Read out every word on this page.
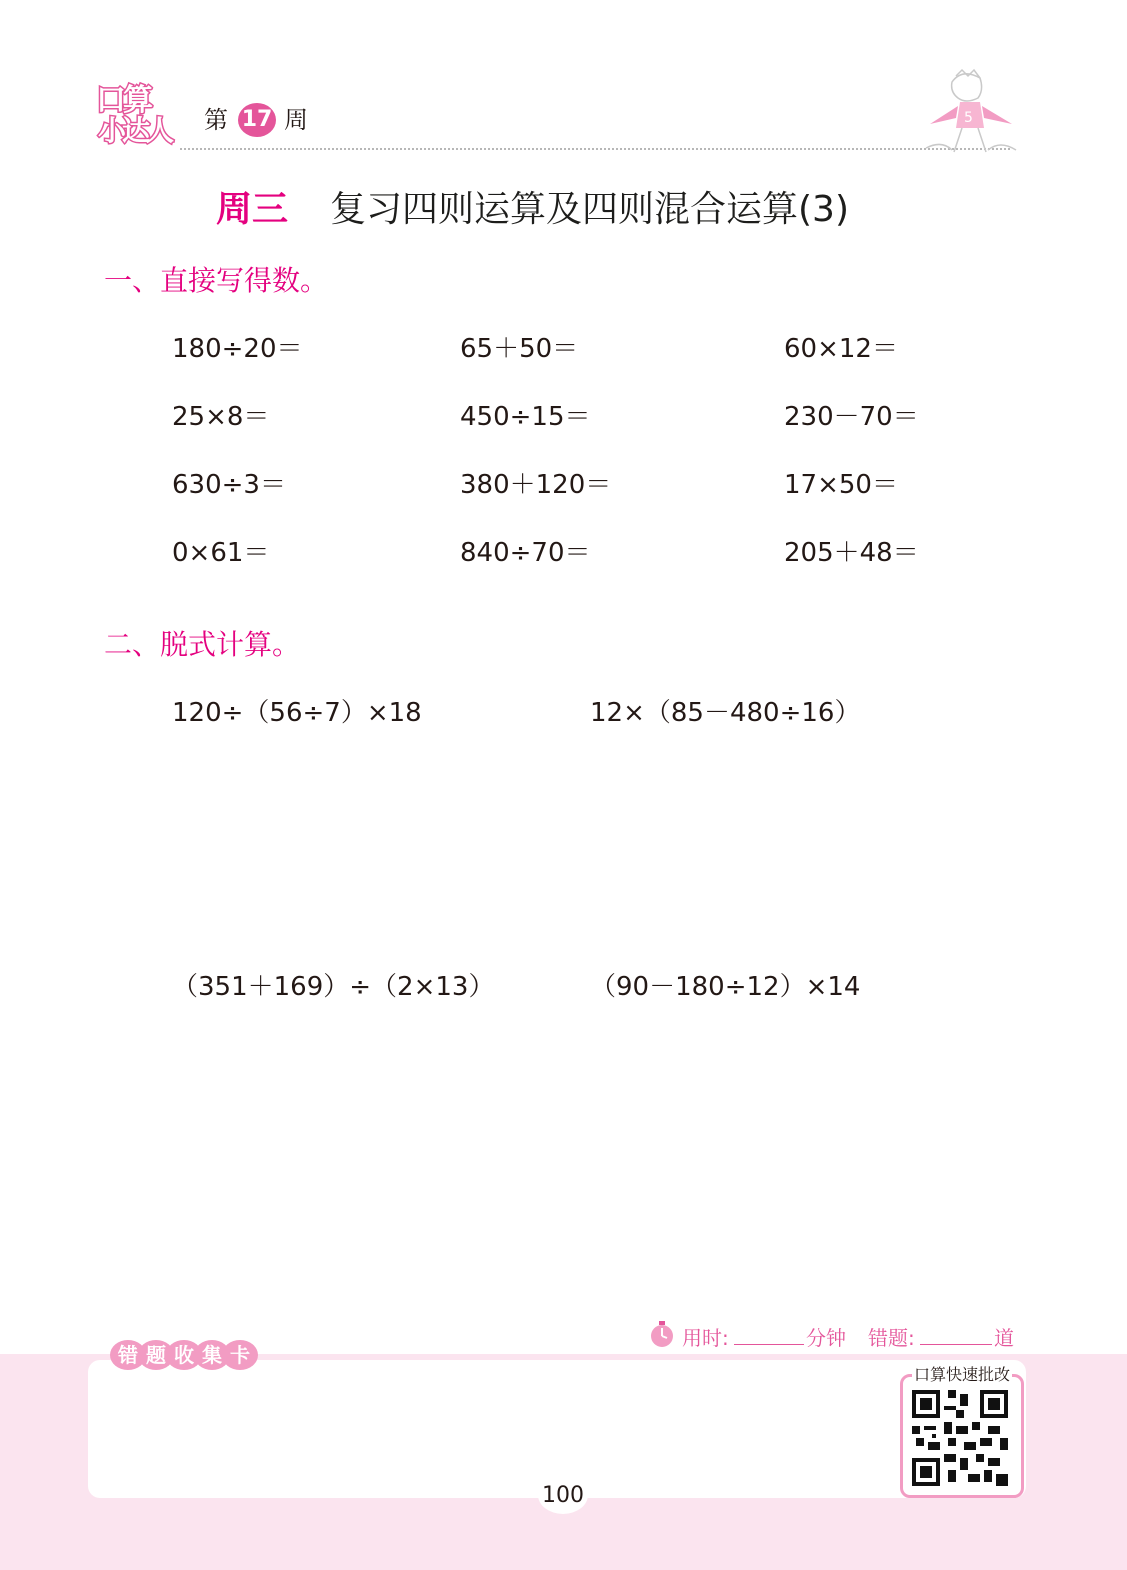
口算
小达人 第 17 周	5
周三 复习四则运算及四则混合运算(3)
一、直接写得数。
180÷20＝	65＋50＝	60×12＝
25×8＝	450÷15＝	230－70＝
630÷3＝	380＋120＝	17×50＝
0×61＝	840÷70＝	205＋48＝
二、脱式计算。
120÷（56÷7）×18	12×（85－480÷16）
（351＋169）÷（2×13）	（90－180÷12）×14
用时:	分钟 错题:	道
错 题 收 集 卡
口算快速批改
100
